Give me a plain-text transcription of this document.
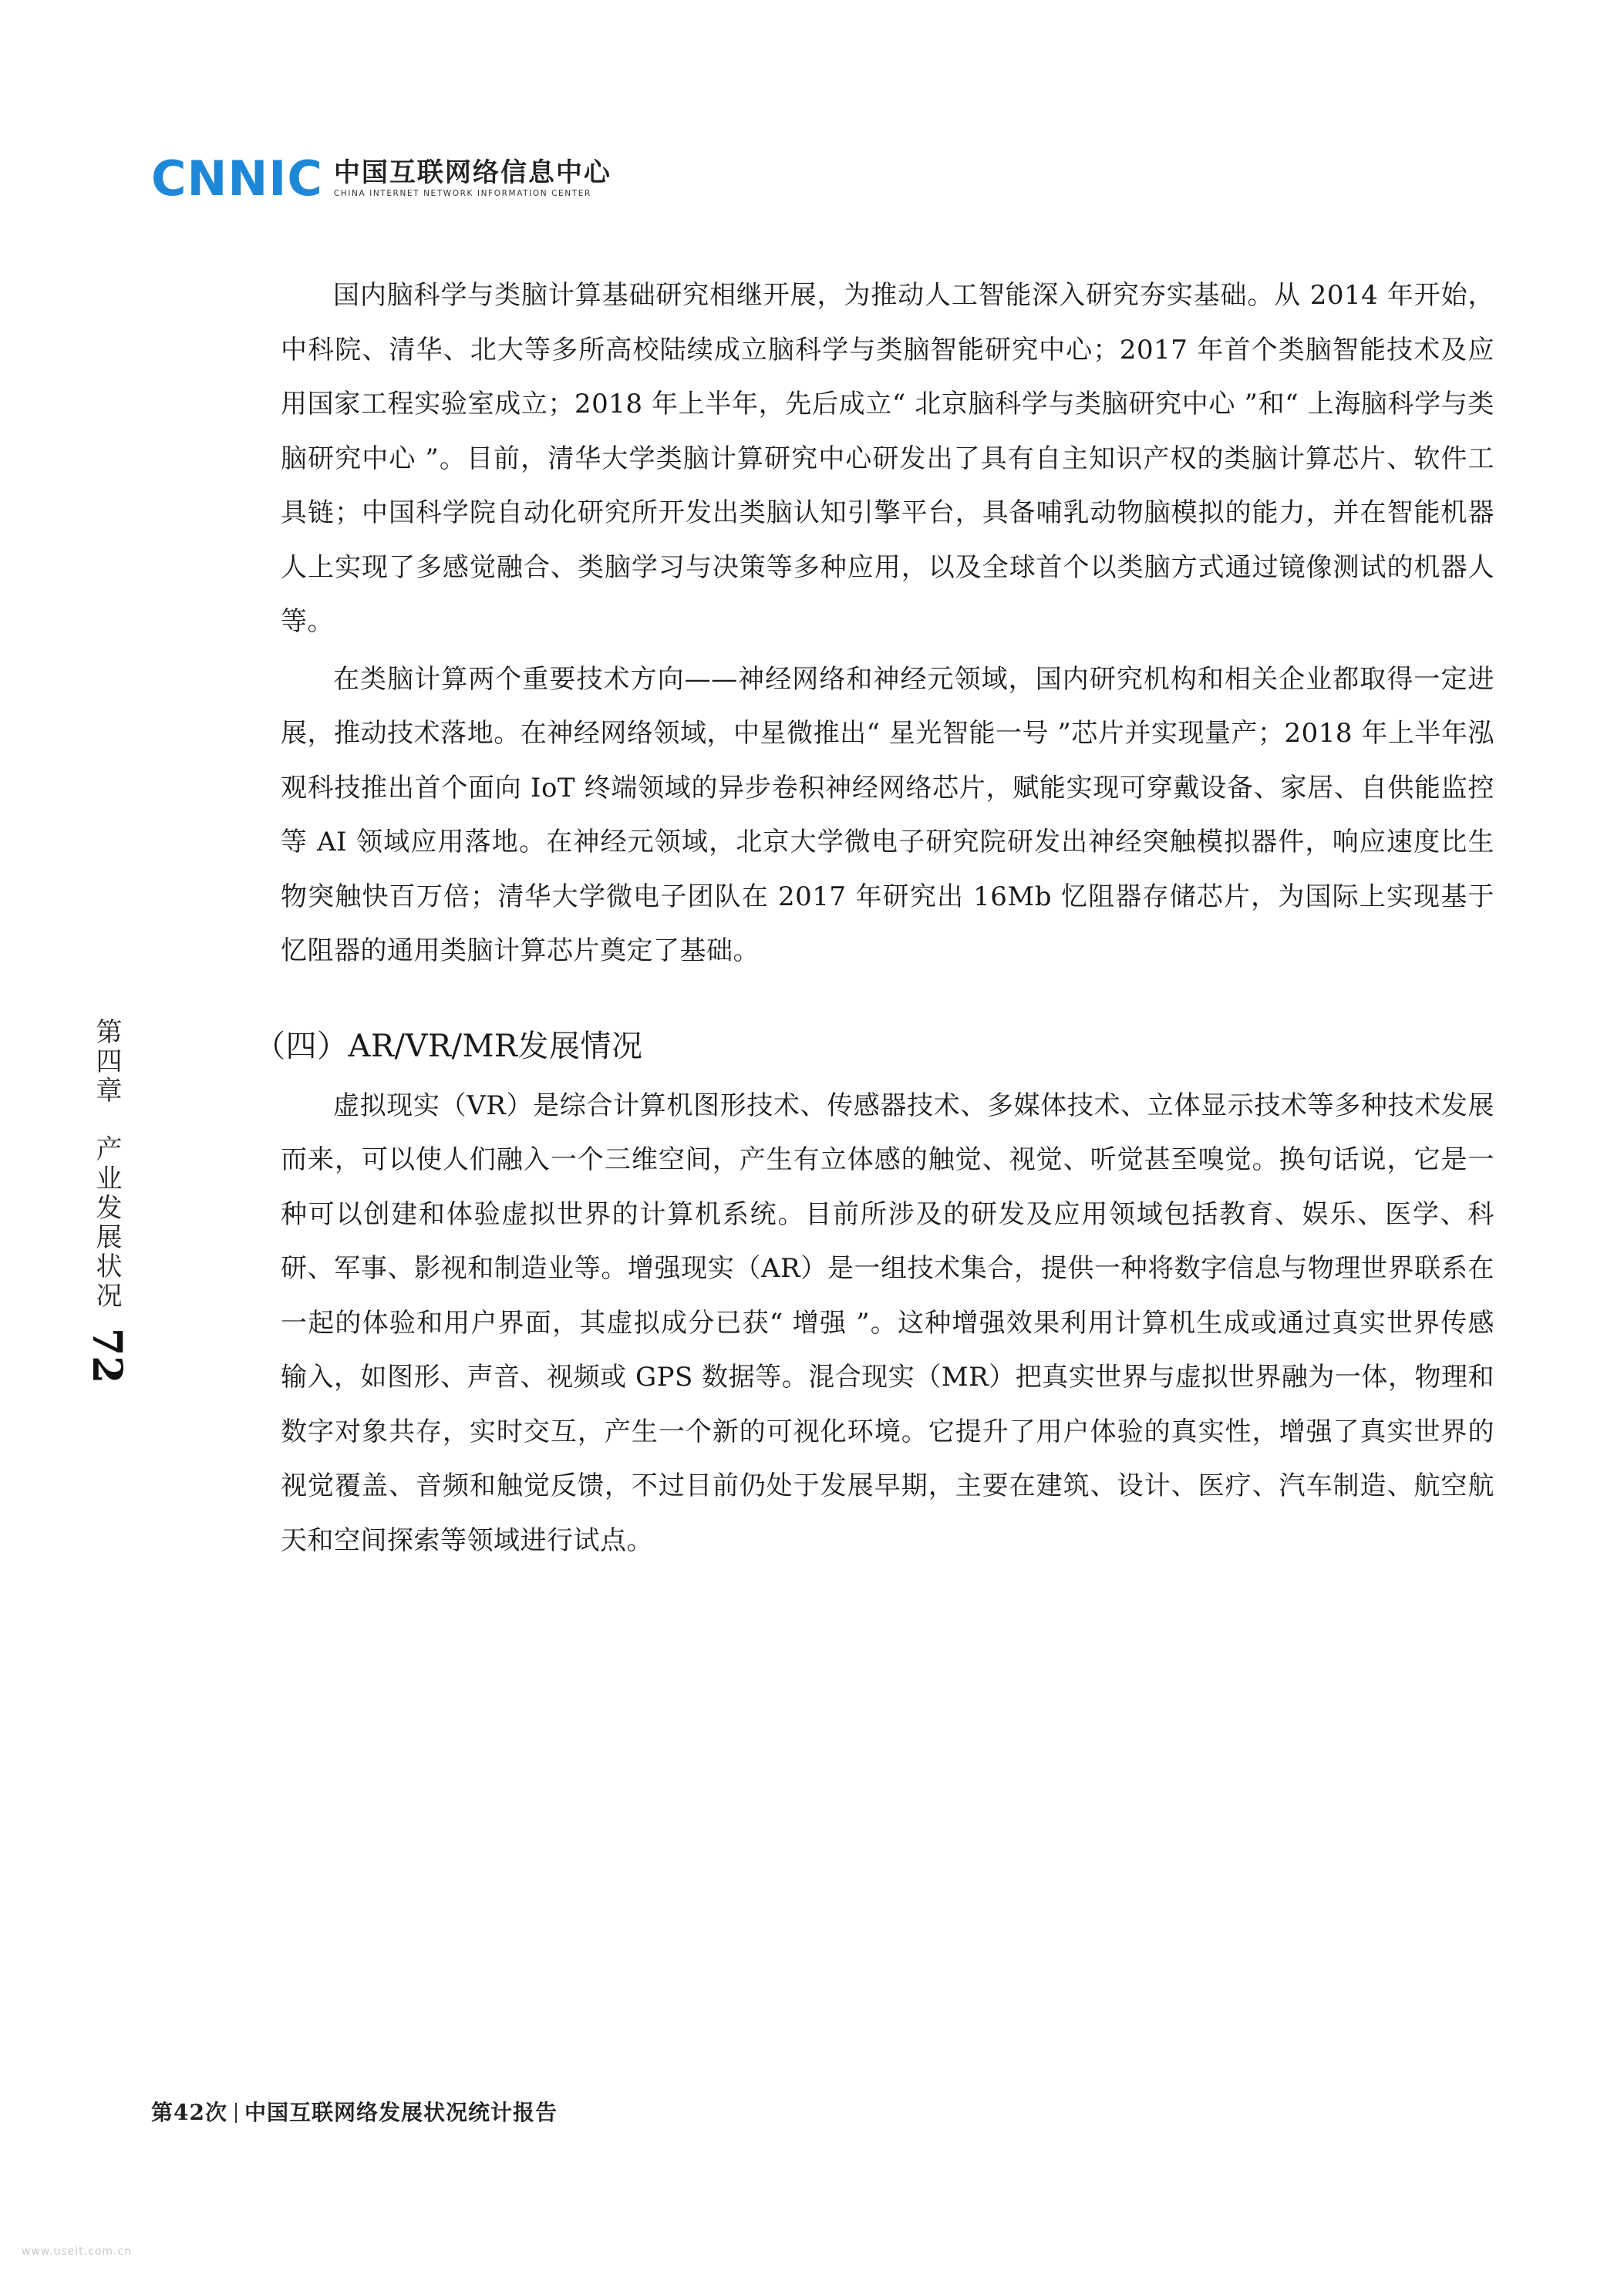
CNNIC 中国互联网络信息中心
CHINA INTERNET NETWORK INFORMATION CENTER
第四章　产业发展状况
72

国内脑科学与类脑计算基础研究相继开展，为推动人工智能深入研究夯实基础。从 2014 年开始，中科院、清华、北大等多所高校陆续成立脑科学与类脑智能研究中心；2017 年首个类脑智能技术及应用国家工程实验室成立；2018 年上半年，先后成立“ 北京脑科学与类脑研究中心 ”和“ 上海脑科学与类脑研究中心 ”。目前，清华大学类脑计算研究中心研发出了具有自主知识产权的类脑计算芯片、软件工具链；中国科学院自动化研究所开发出类脑认知引擎平台，具备哺乳动物脑模拟的能力，并在智能机器人上实现了多感觉融合、类脑学习与决策等多种应用，以及全球首个以类脑方式通过镜像测试的机器人等。

在类脑计算两个重要技术方向——神经网络和神经元领域，国内研究机构和相关企业都取得一定进展，推动技术落地。在神经网络领域，中星微推出“ 星光智能一号 ”芯片并实现量产；2018 年上半年泓观科技推出首个面向 IoT 终端领域的异步卷积神经网络芯片，赋能实现可穿戴设备、家居、自供能监控等 AI 领域应用落地。在神经元领域，北京大学微电子研究院研发出神经突触模拟器件，响应速度比生物突触快百万倍；清华大学微电子团队在 2017 年研究出 16Mb 忆阻器存储芯片，为国际上实现基于忆阻器的通用类脑计算芯片奠定了基础。

（四）AR/VR/MR发展情况

虚拟现实（VR）是综合计算机图形技术、传感器技术、多媒体技术、立体显示技术等多种技术发展而来，可以使人们融入一个三维空间，产生有立体感的触觉、视觉、听觉甚至嗅觉。换句话说，它是一种可以创建和体验虚拟世界的计算机系统。目前所涉及的研发及应用领域包括教育、娱乐、医学、科研、军事、影视和制造业等。增强现实（AR）是一组技术集合，提供一种将数字信息与物理世界联系在一起的体验和用户界面，其虚拟成分已获“ 增强 ”。这种增强效果利用计算机生成或通过真实世界传感输入，如图形、声音、视频或 GPS 数据等。混合现实（MR）把真实世界与虚拟世界融为一体，物理和数字对象共存，实时交互，产生一个新的可视化环境。它提升了用户体验的真实性，增强了真实世界的视觉覆盖、音频和触觉反馈，不过目前仍处于发展早期，主要在建筑、设计、医疗、汽车制造、航空航天和空间探索等领域进行试点。

第42次 中国互联网络发展状况统计报告
www.useit.com.cn
